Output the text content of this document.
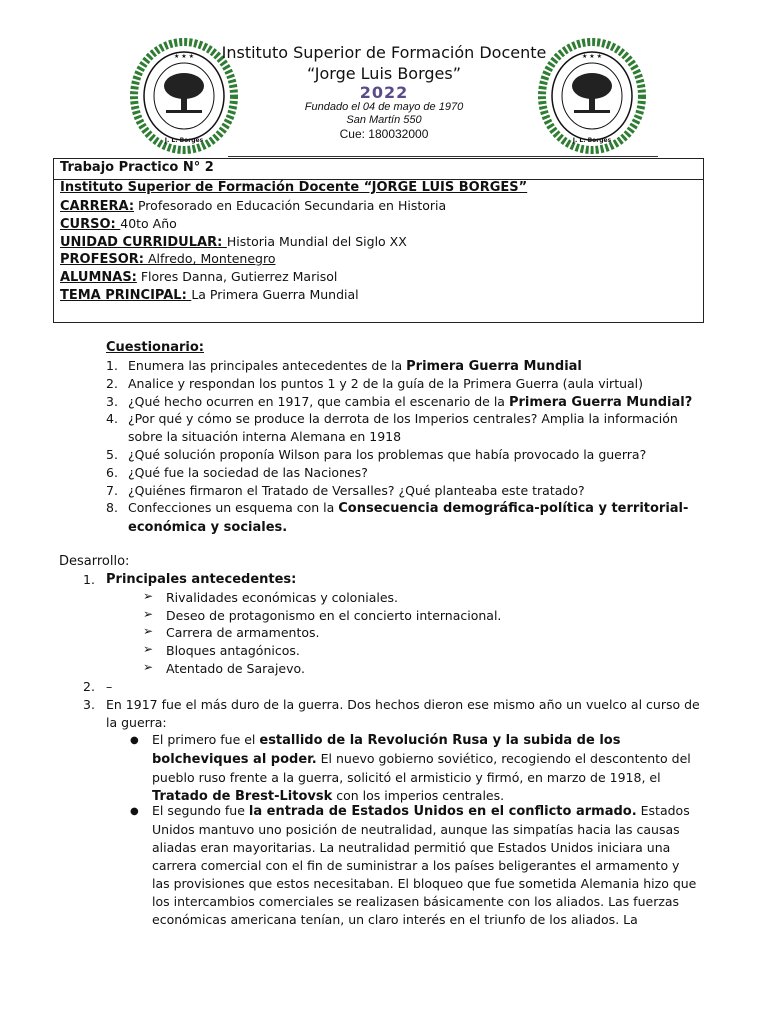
★ ★ ★
J. L. Borges
★ ★ ★
J. L. Borges
Instituto Superior de Formación Docente
“Jorge Luis Borges”
2022
Fundado el 04 de mayo de 1970
San Martín 550
Cue: 180032000
Trabajo Practico N° 2
Instituto Superior de Formación Docente “JORGE LUIS BORGES”
CARRERA: Profesorado en Educación Secundaria en Historia
CURSO: 40to Año
UNIDAD CURRIDULAR: Historia Mundial del Siglo XX
PROFESOR: Alfredo, Montenegro
ALUMNAS: Flores Danna, Gutierrez Marisol
TEMA PRINCIPAL: La Primera Guerra Mundial
Cuestionario:
1. Enumera las principales antecedentes de la Primera Guerra Mundial
2. Analice y respondan los puntos 1 y 2 de la guía de la Primera Guerra (aula virtual)
3. ¿Qué hecho ocurren en 1917, que cambia el escenario de la Primera Guerra Mundial?
4. ¿Por qué y cómo se produce la derrota de los Imperios centrales? Amplia la información sobre la situación interna Alemana en 1918
5. ¿Qué solución proponía Wilson para los problemas que había provocado la guerra?
6. ¿Qué fue la sociedad de las Naciones?
7. ¿Quiénes firmaron el Tratado de Versalles? ¿Qué planteaba este tratado?
8. Confecciones un esquema con la Consecuencia demográfica-política y territorial-económica y sociales.
Desarrollo:
1. Principales antecedentes:
➢ Rivalidades económicas y coloniales.
➢ Deseo de protagonismo en el concierto internacional.
➢ Carrera de armamentos.
➢ Bloques antagónicos.
➢ Atentado de Sarajevo.
2. –
3. En 1917 fue el más duro de la guerra. Dos hechos dieron ese mismo año un vuelco al curso de la guerra:
● El primero fue el estallido de la Revolución Rusa y la subida de los bolcheviques al poder. El nuevo gobierno soviético, recogiendo el descontento del pueblo ruso frente a la guerra, solicitó el armisticio y firmó, en marzo de 1918, el Tratado de Brest-Litovsk con los imperios centrales.
● El segundo fue la entrada de Estados Unidos en el conflicto armado. Estados Unidos mantuvo uno posición de neutralidad, aunque las simpatías hacia las causas aliadas eran mayoritarias. La neutralidad permitió que Estados Unidos iniciara una carrera comercial con el fin de suministrar a los países beligerantes el armamento y las provisiones que estos necesitaban. El bloqueo que fue sometida Alemania hizo que los intercambios comerciales se realizasen básicamente con los aliados. Las fuerzas económicas americana tenían, un claro interés en el triunfo de los aliados. La
